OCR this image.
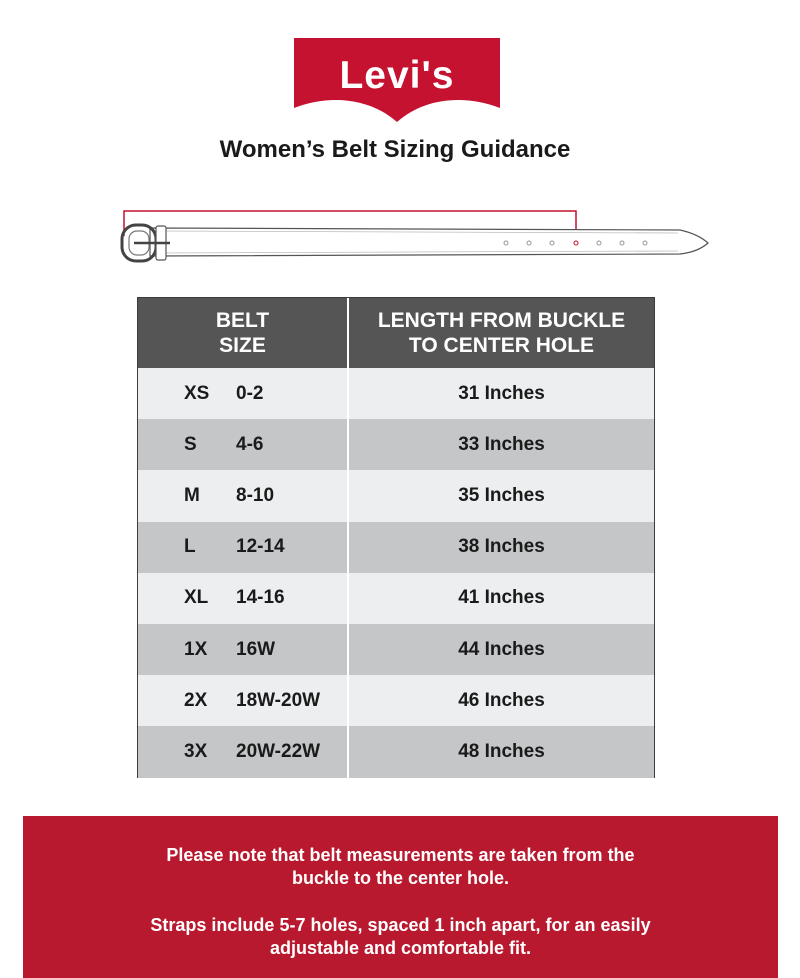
Levi's
R
Women’s Belt Sizing Guidance
BELT
SIZE
LENGTH FROM BUCKLE
TO CENTER HOLE
XS 0-2	31 Inches
S 4-6	33 Inches
M 8-10	35 Inches
L 12-14	38 Inches
XL 14-16	41 Inches
1X 16W	44 Inches
2X 18W-20W	46 Inches
3X 20W-22W	48 Inches

Please note that belt measurements are taken from the
buckle to the center hole.

Straps include 5-7 holes, spaced 1 inch apart, for an easily
adjustable and comfortable fit.
